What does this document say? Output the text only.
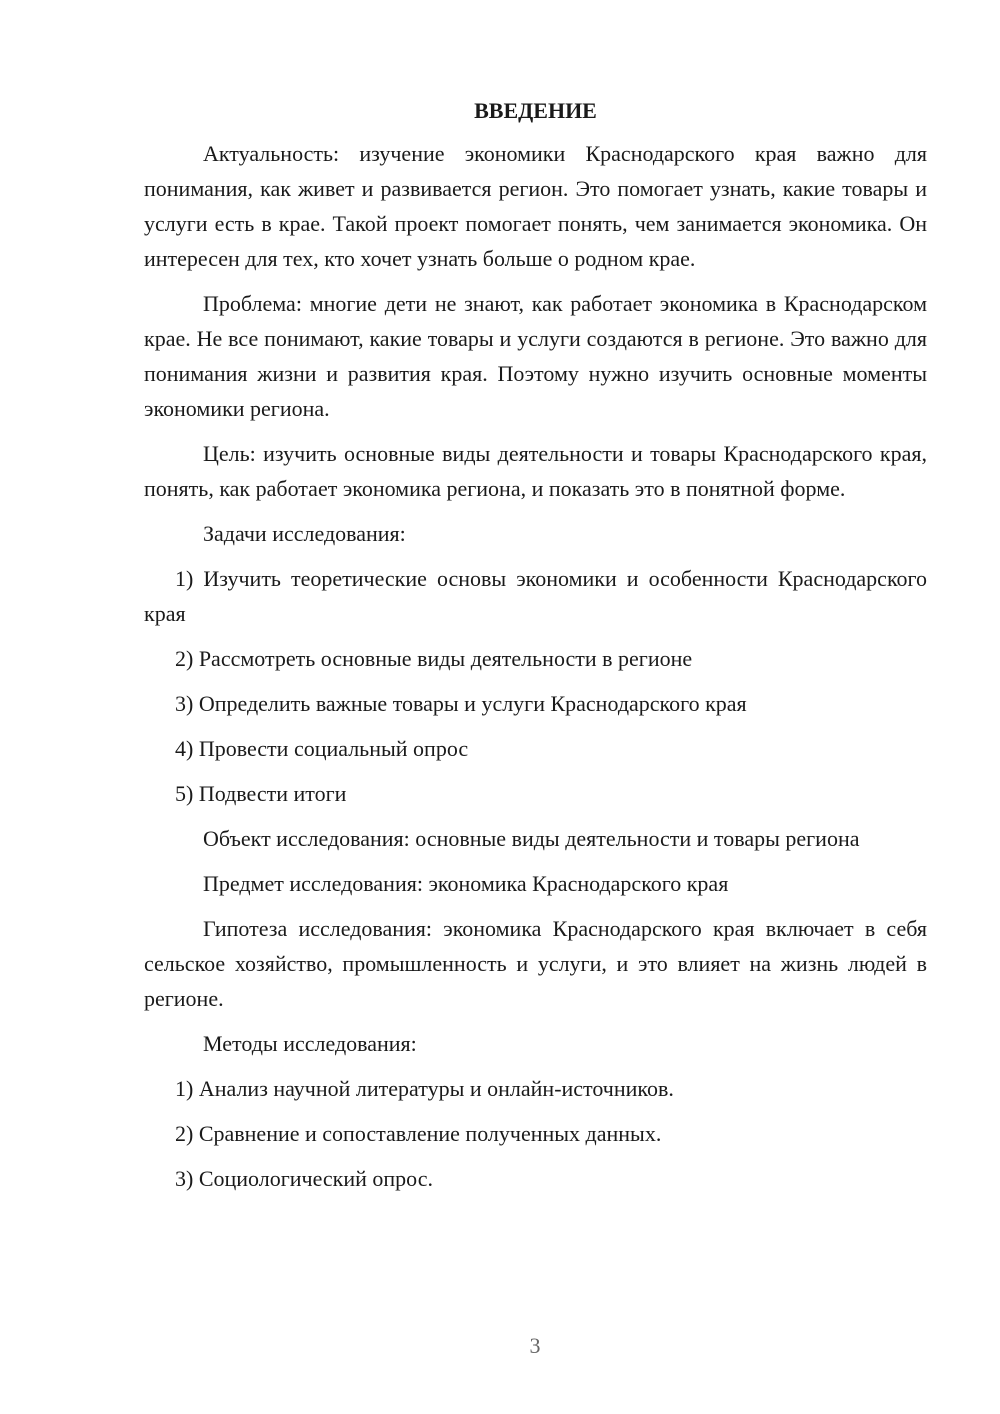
ВВЕДЕНИЕ

Актуальность: изучение экономики Краснодарского края важно для понимания, как живет и развивается регион. Это помогает узнать, какие товары и услуги есть в крае. Такой проект помогает понять, чем занимается экономика. Он интересен для тех, кто хочет узнать больше о родном крае.

Проблема: многие дети не знают, как работает экономика в Краснодарском крае. Не все понимают, какие товары и услуги создаются в регионе. Это важно для понимания жизни и развития края. Поэтому нужно изучить основные моменты экономики региона.

Цель: изучить основные виды деятельности и товары Краснодарского края, понять, как работает экономика региона, и показать это в понятной форме.

Задачи исследования:

1) Изучить теоретические основы экономики и особенности Краснодарского края

2) Рассмотреть основные виды деятельности в регионе

3) Определить важные товары и услуги Краснодарского края

4) Провести социальный опрос

5) Подвести итоги

Объект исследования: основные виды деятельности и товары региона

Предмет исследования: экономика Краснодарского края

Гипотеза исследования: экономика Краснодарского края включает в себя сельское хозяйство, промышленность и услуги, и это влияет на жизнь людей в регионе.

Методы исследования:

1) Анализ научной литературы и онлайн-источников.

2) Сравнение и сопоставление полученных данных.

3) Социологический опрос.

3
